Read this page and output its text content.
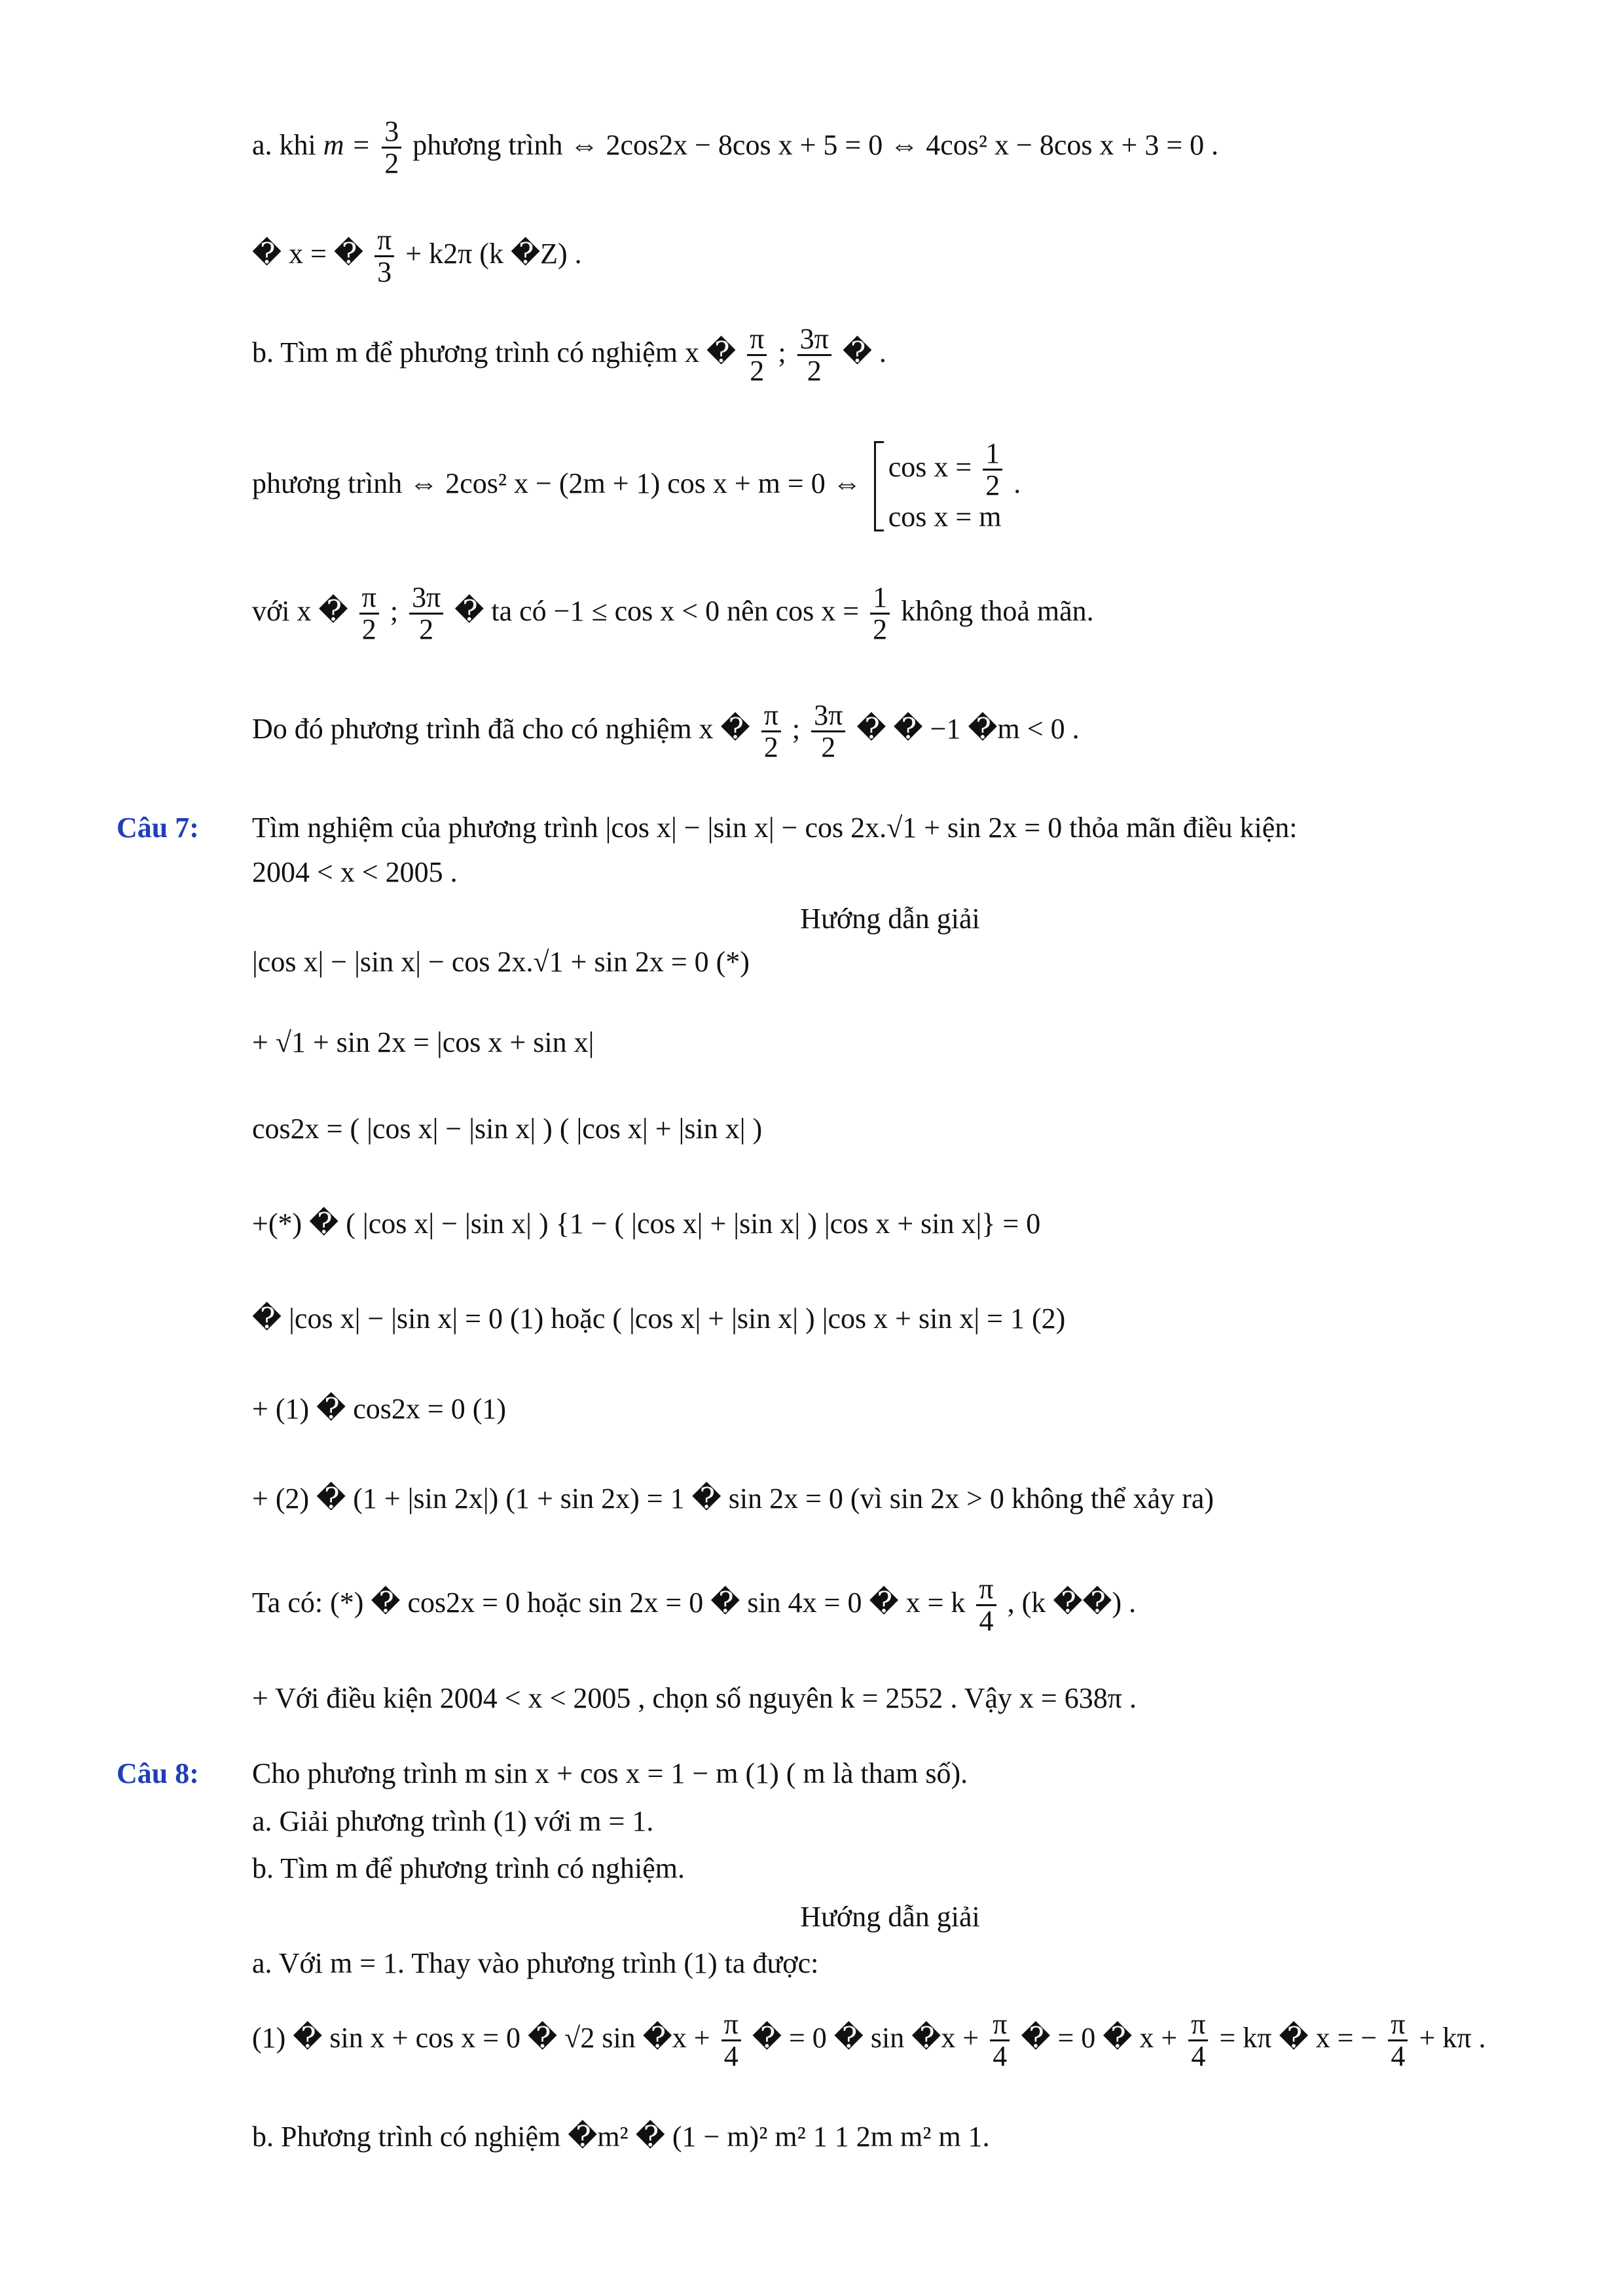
a. khi $m = \frac{3}{2}$ phương trình ⇔ 2cos2x − 8cos x + 5 = 0 ⇔ 4cos² x − 8cos x + 3 = 0 .
� x = � $\frac{\pi}{3} + k2\pi$ (k �Z) .
b. Tìm m để phương trình có nghiệm x � $\frac{\pi}{2}$ ; $\frac{3\pi}{2}$ � .
phương trình ⇔ 2cos² x − (2m + 1) cos x + m = 0 ⇔
$\cos x = \frac{1}{2}$
cos x = m
.
với x � $\frac{\pi}{2}$ ; $\frac{3\pi}{2}$ � ta có −1 ≤ cos x < 0 nên $\cos x = \frac{1}{2}$ không thoả mãn.
Do đó phương trình đã cho có nghiệm x � $\frac{\pi}{2}$ ; $\frac{3\pi}{2}$ � � −1 �m < 0 .
Câu 7: Tìm nghiệm của phương trình |cos x| − |sin x| − cos 2x.√1 + sin 2x = 0 thỏa mãn điều kiện:
2004 < x < 2005 .
Hướng dẫn giải
|cos x| − |sin x| − cos 2x.√1 + sin 2x = 0 (*)
+ √1 + sin 2x = |cos x + sin x|
cos2x = ( |cos x| − |sin x| ) ( |cos x| + |sin x| )
+(*) � ( |cos x| − |sin x| ) {1 − ( |cos x| + |sin x| ) |cos x + sin x|} = 0
� |cos x| − |sin x| = 0 (1) hoặc ( |cos x| + |sin x| ) |cos x + sin x| = 1 (2)
+ (1) � cos2x = 0 (1)
+ (2) � (1 + |sin 2x|) (1 + sin 2x) = 1 � sin 2x = 0 (vì sin 2x > 0 không thể xảy ra)
Ta có: (*) � cos2x = 0 hoặc sin 2x = 0 � sin 4x = 0 � x = k $\frac{\pi}{4}$ , (k ��) .
+ Với điều kiện 2004 < x < 2005 , chọn số nguyên k = 2552 . Vậy x = 638π .
Câu 8: Cho phương trình m sin x + cos x = 1 − m (1) ( m là tham số).
a. Giải phương trình (1) với m = 1.
b. Tìm m để phương trình có nghiệm.
Hướng dẫn giải
a. Với m = 1. Thay vào phương trình (1) ta được:
(1) � sin x + cos x = 0 � √2 sin �x + $\frac{\pi}{4}$ � = 0 � sin �x + $\frac{\pi}{4}$ � = 0 � $x + \frac{\pi}{4} = k\pi$ � x = − $\frac{\pi}{4} + k\pi$ .
b. Phương trình có nghiệm �m² � (1 − m)² m² 1 1 2m m² m 1.
